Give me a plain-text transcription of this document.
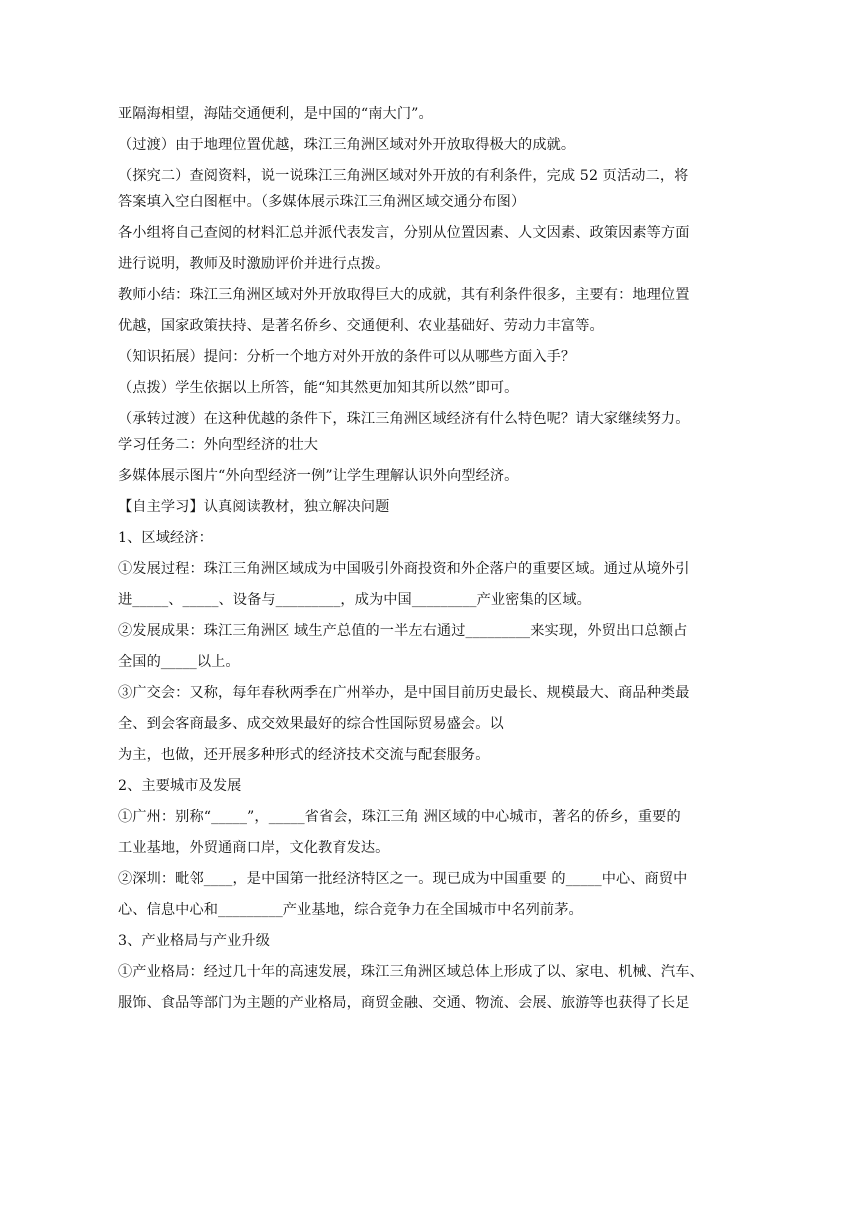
亚隔海相望，海陆交通便利，是中国的“南大门”。

（过渡）由于地理位置优越，珠江三角洲区域对外开放取得极大的成就。

（探究二）查阅资料，说一说珠江三角洲区域对外开放的有利条件，完成 52 页活动二，将

答案填入空白图框中。（多媒体展示珠江三角洲区域交通分布图）

各小组将自己查阅的材料汇总并派代表发言，分别从位置因素、人文因素、政策因素等方面

进行说明，教师及时激励评价并进行点拨。

教师小结：珠江三角洲区域对外开放取得巨大的成就，其有利条件很多，主要有：地理位置

优越，国家政策扶持、是著名侨乡、交通便利、农业基础好、劳动力丰富等。

（知识拓展）提问：分析一个地方对外开放的条件可以从哪些方面入手？

（点拨）学生依据以上所答，能“知其然更加知其所以然”即可。

（承转过渡）在这种优越的条件下，珠江三角洲区域经济有什么特色呢？请大家继续努力。

学习任务二：外向型经济的壮大

多媒体展示图片“外向型经济一例”让学生理解认识外向型经济。

【自主学习】认真阅读教材，独立解决问题

1、区域经济：

①发展过程：珠江三角洲区域成为中国吸引外商投资和外企落户的重要区域。通过从境外引

进_____、_____、设备与_________，成为中国_________产业密集的区域。

②发展成果：珠江三角洲区 域生产总值的一半左右通过_________来实现，外贸出口总额占

全国的_____以上。

③广交会：又称，每年春秋两季在广州举办，是中国目前历史最长、规模最大、商品种类最

全、到会客商最多、成交效果最好的综合性国际贸易盛会。以

为主，也做，还开展多种形式的经济技术交流与配套服务。

2、主要城市及发展

①广州：别称“_____”，_____省省会，珠江三角 洲区域的中心城市，著名的侨乡，重要的

工业基地，外贸通商口岸，文化教育发达。

②深圳：毗邻____，是中国第一批经济特区之一。现已成为中国重要 的_____中心、商贸中

心、信息中心和_________产业基地，综合竞争力在全国城市中名列前茅。

3、产业格局与产业升级

①产业格局：经过几十年的高速发展，珠江三角洲区域总体上形成了以、家电、机械、汽车、

服饰、食品等部门为主题的产业格局，商贸金融、交通、物流、会展、旅游等也获得了长足
